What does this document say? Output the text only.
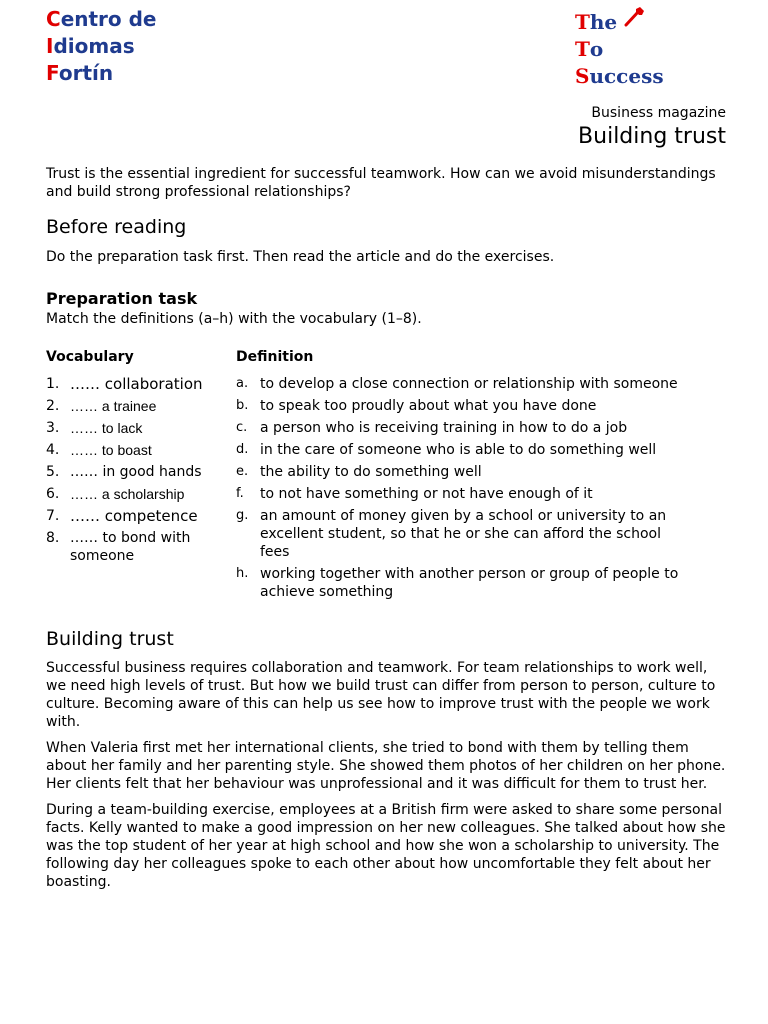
Centro de
Idiomas
Fortín
T he
T o
S uccess
Business magazine
Building trust
Trust is the essential ingredient for successful teamwork. How can we avoid misunderstandings and build strong professional relationships?
Before reading
Do the preparation task first. Then read the article and do the exercises.
Preparation task
Match the definitions (a–h) with the vocabulary (1–8).
Vocabulary	Definition
1. …… collaboration
2. …… a trainee
3. …… to lack
4. …… to boast
5. …… in good hands
6. …… a scholarship
7. …… competence
8. …… to bond with someone
a. to develop a close connection or relationship with someone
b. to speak too proudly about what you have done
c. a person who is receiving training in how to do a job
d. in the care of someone who is able to do something well
e. the ability to do something well
f.	to not have something or not have enough of it
g. an amount of money given by a school or university to an excellent student, so that he or she can afford the school fees
h. working together with another person or group of people to achieve something
Building trust

Successful business requires collaboration and teamwork. For team relationships to work well, we need high levels of trust. But how we build trust can differ from person to person, culture to culture. Becoming aware of this can help us see how to improve trust with the people we work with.

When Valeria first met her international clients, she tried to bond with them by telling them about her family and her parenting style. She showed them photos of her children on her phone. Her clients felt that her behaviour was unprofessional and it was difficult for them to trust her.

During a team-building exercise, employees at a British firm were asked to share some personal facts. Kelly wanted to make a good impression on her new colleagues. She talked about how she was the top student of her year at high school and how she won a scholarship to university. The following day her colleagues spoke to each other about how uncomfortable they felt about her boasting.
